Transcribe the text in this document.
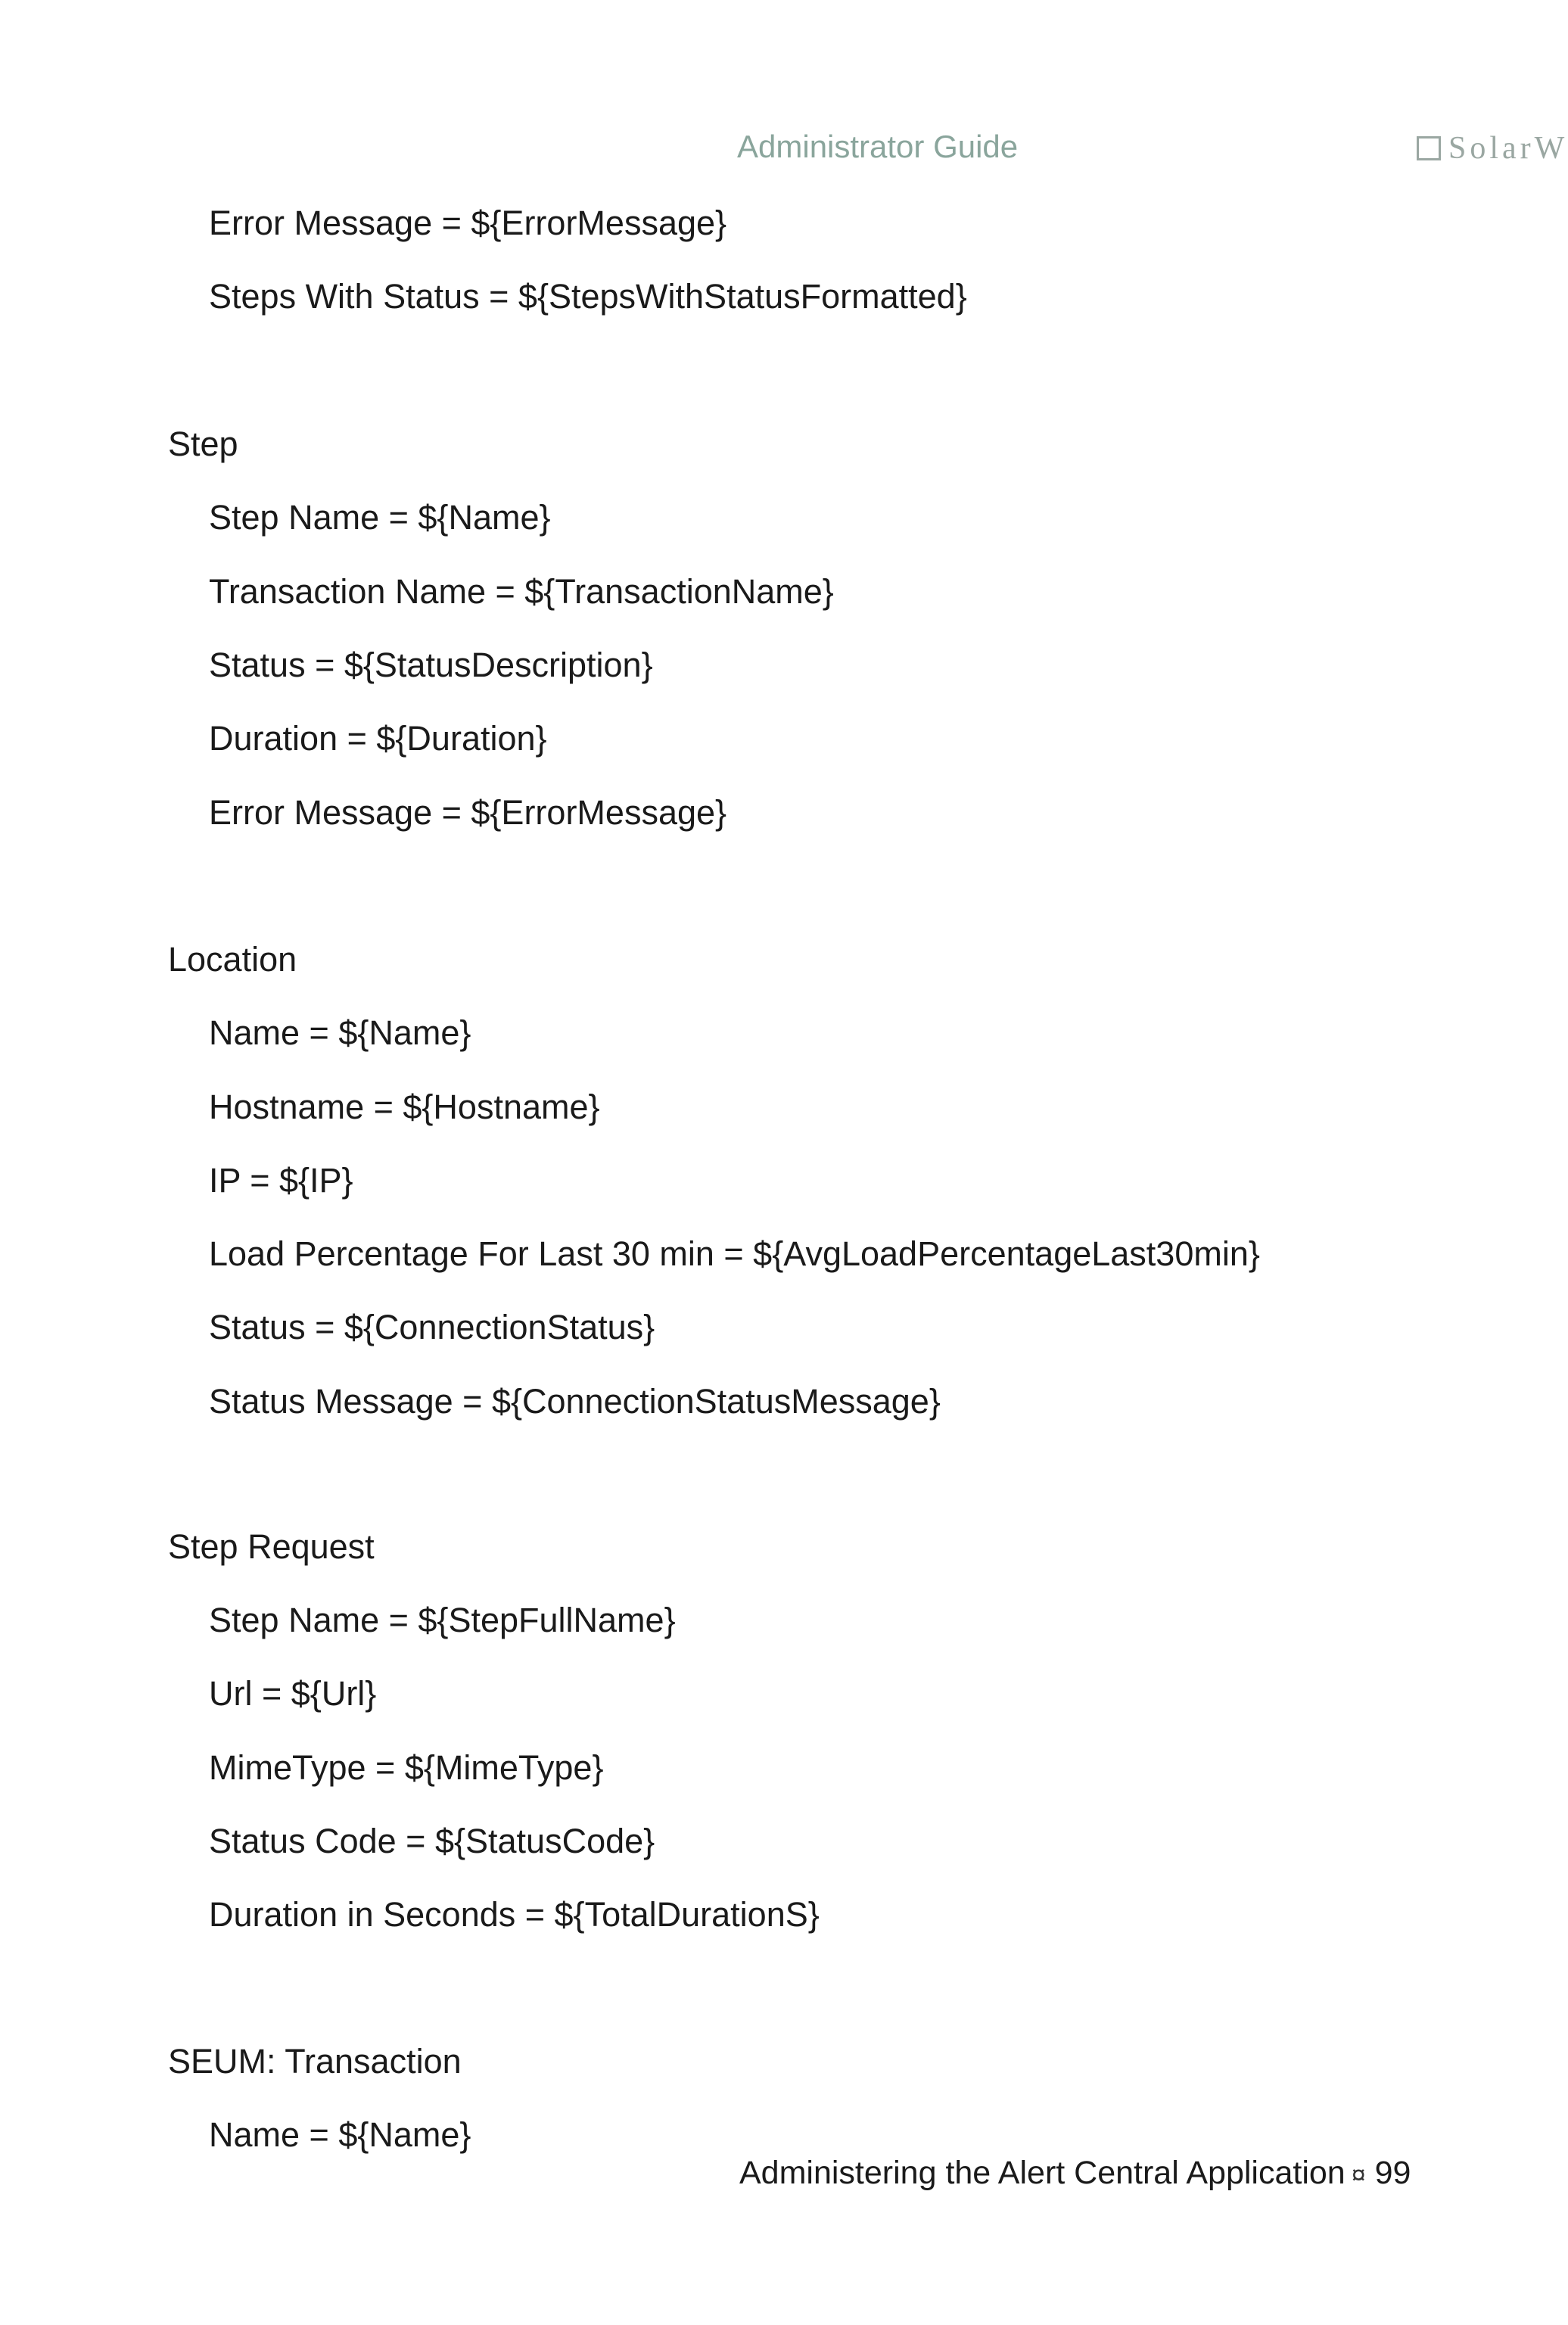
Administrator Guide	SolarW
Error Message = ${ErrorMessage}
Steps With Status = ${StepsWithStatusFormatted}
Step
Step Name = ${Name}
Transaction Name = ${TransactionName}
Status = ${StatusDescription}
Duration = ${Duration}
Error Message = ${ErrorMessage}
Location
Name = ${Name}
Hostname = ${Hostname}
IP = ${IP}
Load Percentage For Last 30 min = ${AvgLoadPercentageLast30min}
Status = ${ConnectionStatus}
Status Message = ${ConnectionStatusMessage}
Step Request
Step Name = ${StepFullName}
Url = ${Url}
MimeType = ${MimeType}
Status Code = ${StatusCode}
Duration in Seconds = ${TotalDurationS}
SEUM: Transaction
Name = ${Name}
Administering the Alert Central Application ¤ 99
